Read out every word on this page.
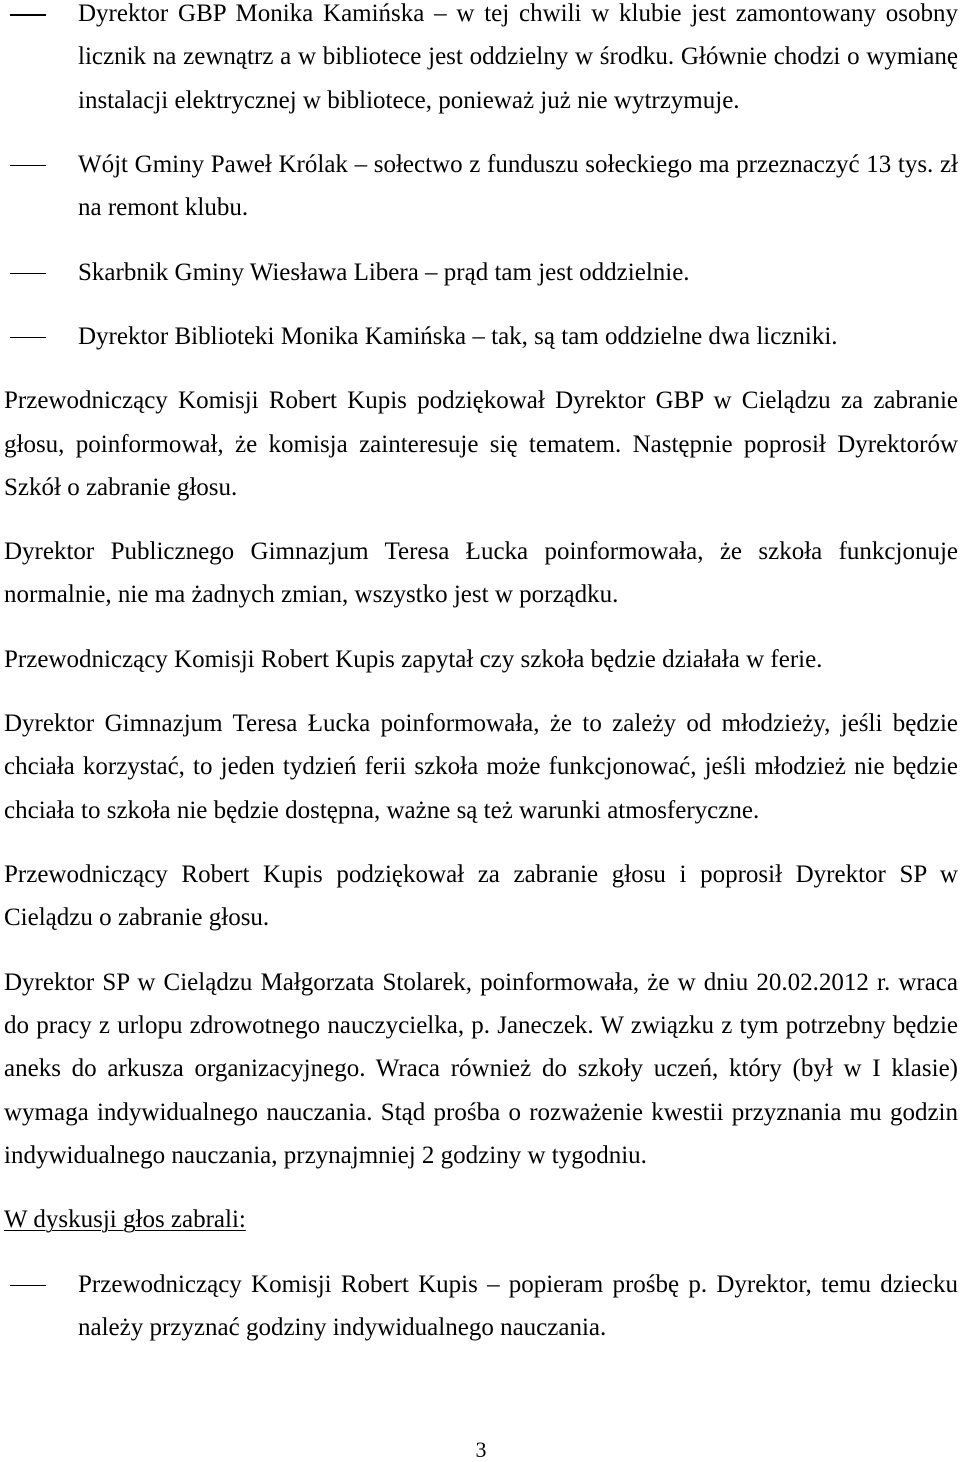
Dyrektor GBP Monika Kamińska – w tej chwili w klubie jest zamontowany osobny licznik na zewnątrz a w bibliotece jest oddzielny w środku. Głównie chodzi o wymianę instalacji elektrycznej w bibliotece, ponieważ już nie wytrzymuje.
Wójt Gminy Paweł Królak – sołectwo z funduszu sołeckiego ma przeznaczyć 13 tys. zł na remont klubu.
Skarbnik Gminy Wiesława Libera – prąd tam jest oddzielnie.
Dyrektor Biblioteki Monika Kamińska – tak, są tam oddzielne dwa liczniki.
Przewodniczący Komisji Robert Kupis podziękował Dyrektor GBP w Cielądzu za zabranie głosu, poinformował, że komisja zainteresuje się tematem. Następnie poprosił Dyrektorów Szkół o zabranie głosu.
Dyrektor Publicznego Gimnazjum Teresa Łucka poinformowała, że szkoła funkcjonuje normalnie, nie ma żadnych zmian, wszystko jest w porządku.
Przewodniczący Komisji Robert Kupis zapytał czy szkoła będzie działała w ferie.
Dyrektor Gimnazjum Teresa Łucka poinformowała, że to zależy od młodzieży, jeśli będzie chciała korzystać, to jeden tydzień ferii szkoła może funkcjonować, jeśli młodzież nie będzie chciała to szkoła nie będzie dostępna, ważne są też warunki atmosferyczne.
Przewodniczący Robert Kupis podziękował za zabranie głosu i poprosił Dyrektor SP w Cielądzu o zabranie głosu.
Dyrektor SP w Cielądzu Małgorzata Stolarek, poinformowała, że w dniu 20.02.2012 r. wraca do pracy z urlopu zdrowotnego nauczycielka, p. Janeczek. W związku z tym potrzebny będzie aneks do arkusza organizacyjnego. Wraca również do szkoły uczeń, który (był w I klasie) wymaga indywidualnego nauczania. Stąd prośba o rozważenie kwestii przyznania mu godzin indywidualnego nauczania, przynajmniej 2 godziny w tygodniu.
W dyskusji głos zabrali:
Przewodniczący Komisji Robert Kupis – popieram prośbę p. Dyrektor, temu dziecku należy przyznać godziny indywidualnego nauczania.
3
